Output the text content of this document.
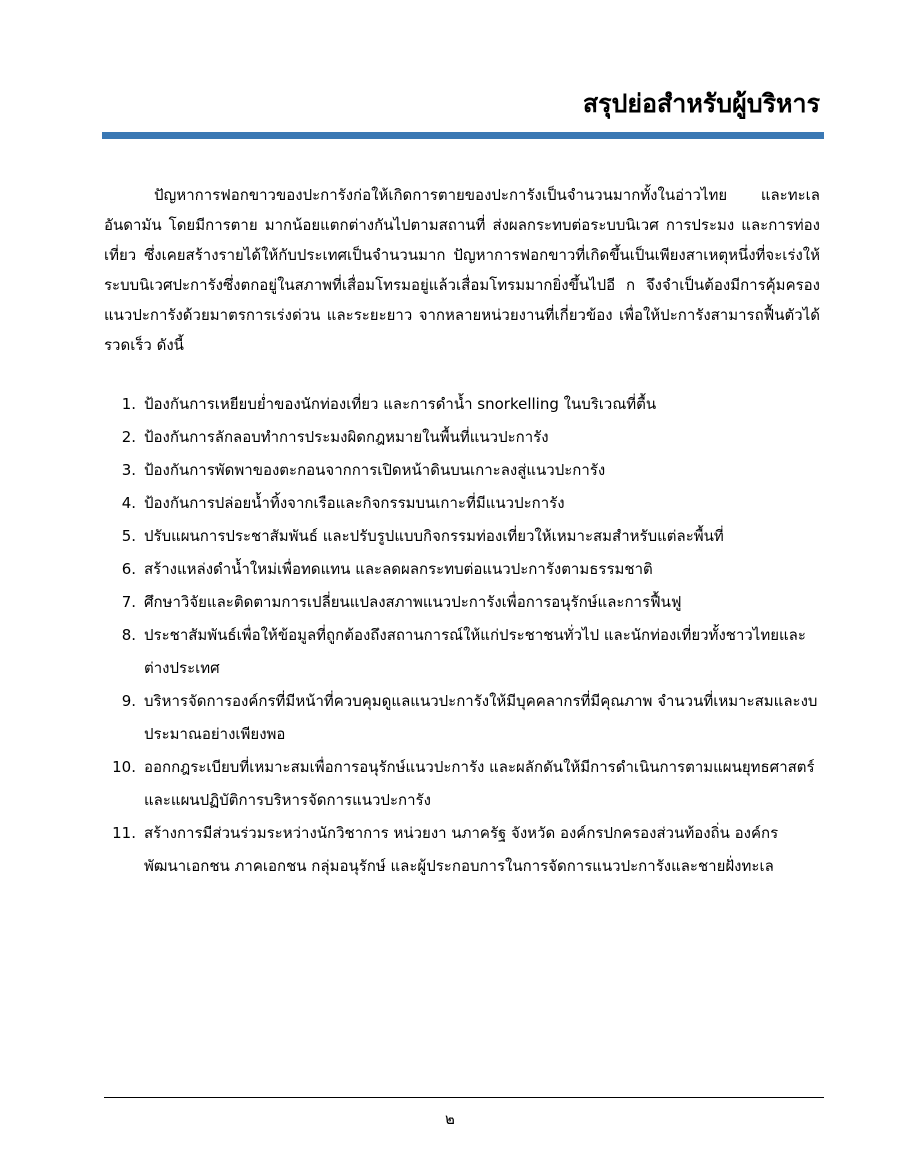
สรุปย่อสำหรับผู้บริหาร

ปัญหาการฟอกขาวของปะการังก่อให้เกิดการตายของปะการังเป็นจำนวนมากทั้งในอ่าวไทย และทะเลอันดามัน โดยมีการตาย มากน้อยแตกต่างกันไปตามสถานที่ ส่งผลกระทบต่อระบบนิเวศ การประมง และการท่องเที่ยว ซึ่งเคยสร้างรายได้ให้กับประเทศเป็นจำนวนมาก ปัญหาการฟอกขาวที่เกิดขึ้นเป็นเพียงสาเหตุหนึ่งที่จะเร่งให้ระบบนิเวศปะการังซึ่งตกอยู่ในสภาพที่เสื่อมโทรมอยู่แล้วเสื่อมโทรมมากยิ่งขึ้นไปอี ก จึงจำเป็นต้องมีการคุ้มครองแนวปะการังด้วยมาตรการเร่งด่วน และระยะยาว จากหลายหน่วยงานที่เกี่ยวข้อง เพื่อให้ปะการังสามารถฟื้นตัวได้รวดเร็ว ดังนี้

1. ป้องกันการเหยียบย่ำของนักท่องเที่ยว และการดำน้ำ snorkelling ในบริเวณที่ตื้น
2. ป้องกันการลักลอบทำการประมงผิดกฎหมายในพื้นที่แนวปะการัง
3. ป้องกันการพัดพาของตะกอนจากการเปิดหน้าดินบนเกาะลงสู่แนวปะการัง
4. ป้องกันการปล่อยน้ำทิ้งจากเรือและกิจกรรมบนเกาะที่มีแนวปะการัง
5. ปรับแผนการประชาสัมพันธ์ และปรับรูปแบบกิจกรรมท่องเที่ยวให้เหมาะสมสำหรับแต่ละพื้นที่
6. สร้างแหล่งดำน้ำใหม่เพื่อทดแทน และลดผลกระทบต่อแนวปะการังตามธรรมชาติ
7. ศึกษาวิจัยและติดตามการเปลี่ยนแปลงสภาพแนวปะการังเพื่อการอนุรักษ์และการฟื้นฟู
8. ประชาสัมพันธ์เพื่อให้ข้อมูลที่ถูกต้องถึงสถานการณ์ให้แก่ประชาชนทั่วไป และนักท่องเที่ยวทั้งชาวไทยและต่างประเทศ
9. บริหารจัดการองค์กรที่มีหน้าที่ควบคุมดูแลแนวปะการังให้มีบุคคลากรที่มีคุณภาพ จำนวนที่เหมาะสมและงบประมาณอย่างเพียงพอ
10. ออกกฎระเบียบที่เหมาะสมเพื่อการอนุรักษ์แนวปะการัง และผลักดันให้มีการดำเนินการตามแผนยุทธศาสตร์และแผนปฏิบัติการบริหารจัดการแนวปะการัง
11. สร้างการมีส่วนร่วมระหว่างนักวิชาการ หน่วยงา นภาครัฐ จังหวัด องค์กรปกครองส่วนท้องถิ่น องค์กรพัฒนาเอกชน ภาคเอกชน กลุ่มอนุรักษ์ และผู้ประกอบการในการจัดการแนวปะการังและชายฝั่งทะเล
๒
